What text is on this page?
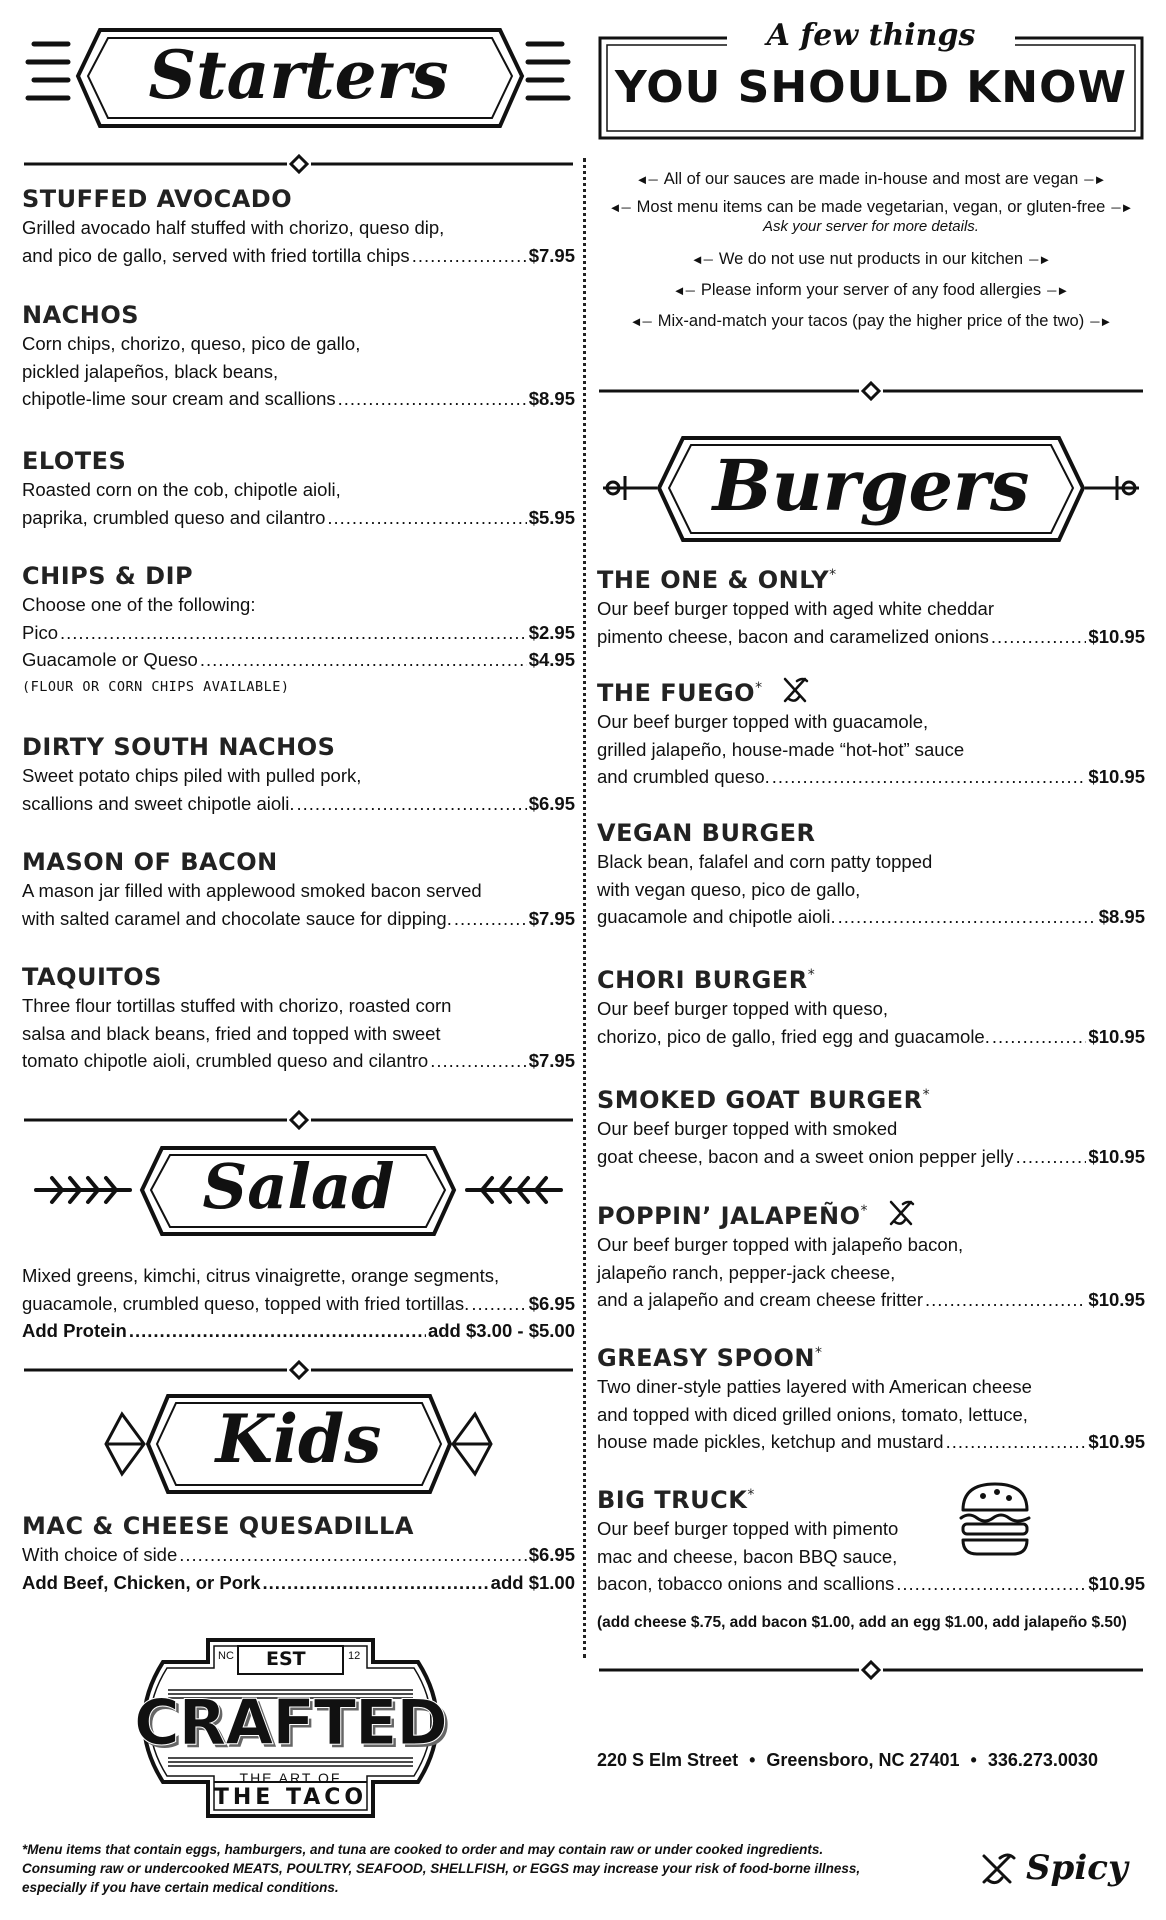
Starters
STUFFED AVOCADO
Grilled avocado half stuffed with chorizo, queso dip,
and pico de gallo, served with fried tortilla chips .....	$7.95
NACHOS
Corn chips, chorizo, queso, pico de gallo,
pickled jalapeños, black beans,
chipotle-lime sour cream and scallions .....	$8.95
ELOTES
Roasted corn on the cob, chipotle aioli,
paprika, crumbled queso and cilantro .....	$5.95
CHIPS & DIP
Choose one of the following:
Pico .....	$2.95
Guacamole or Queso .....	$4.95
(FLOUR OR CORN CHIPS AVAILABLE)
DIRTY SOUTH NACHOS
Sweet potato chips piled with pulled pork,
scallions and sweet chipotle aioli. .....	$6.95
MASON OF BACON
A mason jar filled with applewood smoked bacon served
with salted caramel and chocolate sauce for dipping. .....	$7.95
TAQUITOS
Three flour tortillas stuffed with chorizo, roasted corn
salsa and black beans, fried and topped with sweet
tomato chipotle aioli, crumbled queso and cilantro .....	$7.95
Salad
Mixed greens, kimchi, citrus vinaigrette, orange segments,
guacamole, crumbled queso, topped with fried tortillas. .....	$6.95
Add Protein .....	add $3.00 - $5.00
Kids
MAC & CHEESE QUESADILLA
With choice of side .....	$6.95
Add Beef, Chicken, or Pork .....	add $1.00
NC EST	12
CRAFTED
THE ART OF
THE TACO
A few things
YOU SHOULD KNOW
◄─ All of our sauces are made in-house and most are vegan ─►
◄─ Most menu items can be made vegetarian, vegan, or gluten-free ─►
Ask your server for more details.
◄─ We do not use nut products in our kitchen ─►
◄─ Please inform your server of any food allergies ─►
◄─ Mix-and-match your tacos (pay the higher price of the two) ─►
Burgers
THE ONE & ONLY*
Our beef burger topped with aged white cheddar
pimento cheese, bacon and caramelized onions .....	$10.95
THE FUEGO*
Our beef burger topped with guacamole,
grilled jalapeño, house-made “hot-hot” sauce
and crumbled queso. .....	$10.95
VEGAN BURGER
Black bean, falafel and corn patty topped
with vegan queso, pico de gallo,
guacamole and chipotle aioli. .....	$8.95
CHORI BURGER*
Our beef burger topped with queso,
chorizo, pico de gallo, fried egg and guacamole. .....	$10.95
SMOKED GOAT BURGER*
Our beef burger topped with smoked
goat cheese, bacon and a sweet onion pepper jelly .....	$10.95
POPPIN’ JALAPEÑO*
Our beef burger topped with jalapeño bacon,
jalapeño ranch, pepper-jack cheese,
and a jalapeño and cream cheese fritter .....	$10.95
GREASY SPOON*
Two diner-style patties layered with American cheese
and topped with diced grilled onions, tomato, lettuce,
house made pickles, ketchup and mustard .....	$10.95
BIG TRUCK*
Our beef burger topped with pimento
mac and cheese, bacon BBQ sauce,
bacon, tobacco onions and scallions .....	$10.95
(add cheese $.75, add bacon $1.00, add an egg $1.00, add jalapeño $.50)
220 S Elm Street • Greensboro, NC 27401 • 336.273.0030
*Menu items that contain eggs, hamburgers, and tuna are cooked to order and may contain raw or under cooked ingredients.
Consuming raw or undercooked MEATS, POULTRY, SEAFOOD, SHELLFISH, or EGGS may increase your risk of food-borne illness,
especially if you have certain medical conditions.	Spicy
